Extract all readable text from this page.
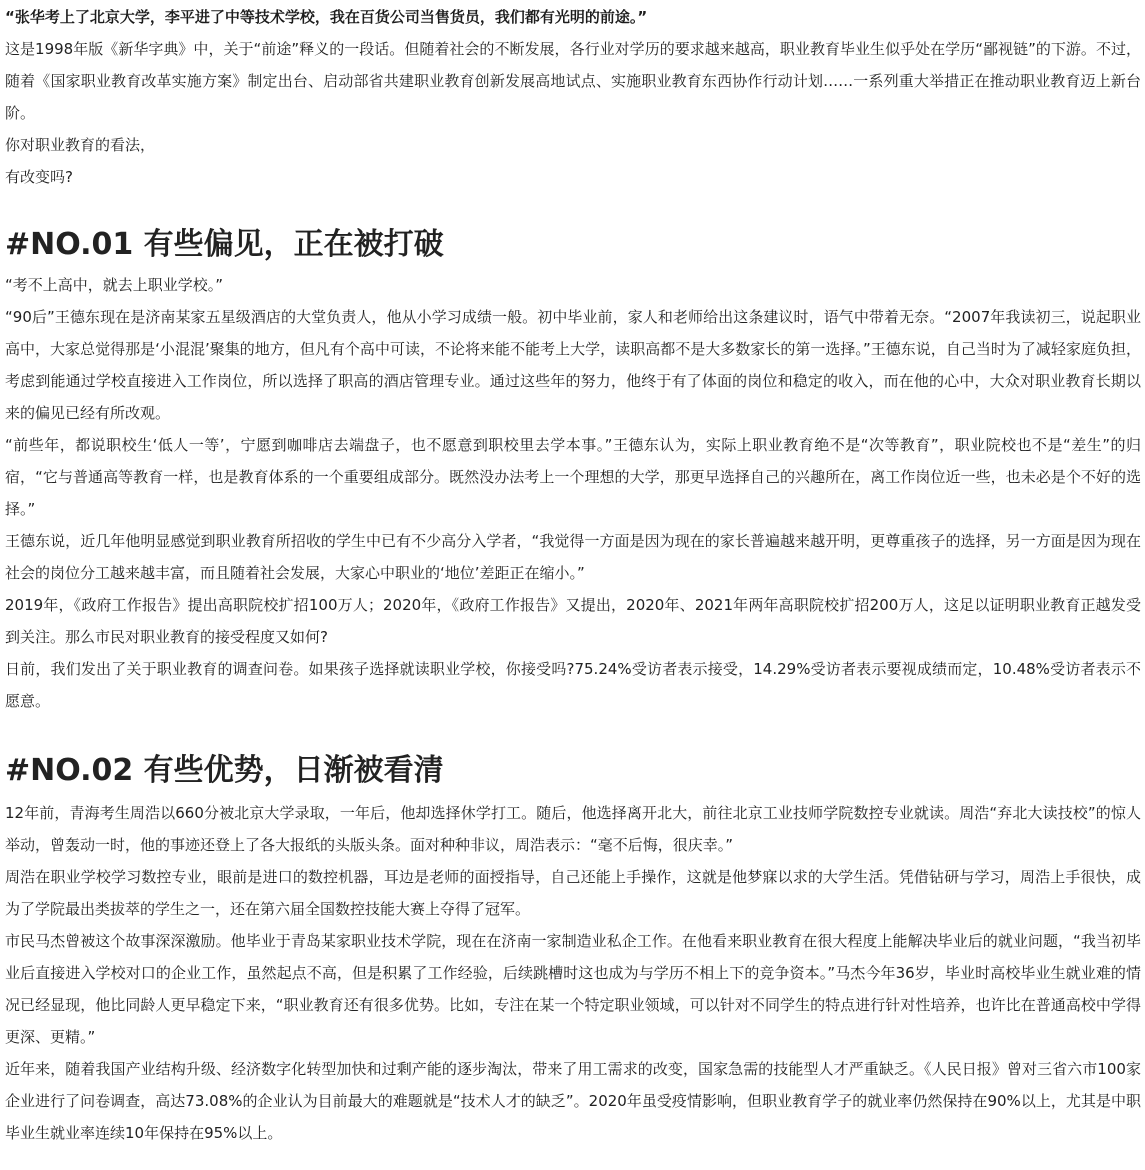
“张华考上了北京大学，李平进了中等技术学校，我在百货公司当售货员，我们都有光明的前途。”

这是1998年版《新华字典》中，关于“前途”释义的一段话。但随着社会的不断发展，各行业对学历的要求越来越高，职业教育毕业生似乎处在学历“鄙视链”的下游。不过，随着《国家职业教育改革实施方案》制定出台、启动部省共建职业教育创新发展高地试点、实施职业教育东西协作行动计划……一系列重大举措正在推动职业教育迈上新台阶。

你对职业教育的看法，

有改变吗?

#NO.01 有些偏见，正在被打破

“考不上高中，就去上职业学校。”

“90后”王德东现在是济南某家五星级酒店的大堂负责人，他从小学习成绩一般。初中毕业前，家人和老师给出这条建议时，语气中带着无奈。“2007年我读初三，说起职业高中，大家总觉得那是‘小混混’聚集的地方，但凡有个高中可读，不论将来能不能考上大学，读职高都不是大多数家长的第一选择。”王德东说，自己当时为了减轻家庭负担，考虑到能通过学校直接进入工作岗位，所以选择了职高的酒店管理专业。通过这些年的努力，他终于有了体面的岗位和稳定的收入，而在他的心中，大众对职业教育长期以来的偏见已经有所改观。

“前些年，都说职校生‘低人一等’，宁愿到咖啡店去端盘子，也不愿意到职校里去学本事。”王德东认为，实际上职业教育绝不是“次等教育”，职业院校也不是“差生”的归宿，“它与普通高等教育一样，也是教育体系的一个重要组成部分。既然没办法考上一个理想的大学，那更早选择自己的兴趣所在，离工作岗位近一些，也未必是个不好的选择。”

王德东说，近几年他明显感觉到职业教育所招收的学生中已有不少高分入学者，“我觉得一方面是因为现在的家长普遍越来越开明，更尊重孩子的选择，另一方面是因为现在社会的岗位分工越来越丰富，而且随着社会发展，大家心中职业的‘地位’差距正在缩小。”

2019年，《政府工作报告》提出高职院校扩招100万人；2020年，《政府工作报告》又提出，2020年、2021年两年高职院校扩招200万人，这足以证明职业教育正越发受到关注。那么市民对职业教育的接受程度又如何?

日前，我们发出了关于职业教育的调查问卷。如果孩子选择就读职业学校，你接受吗?75.24%受访者表示接受，14.29%受访者表示要视成绩而定，10.48%受访者表示不愿意。

#NO.02 有些优势，日渐被看清

12年前，青海考生周浩以660分被北京大学录取，一年后，他却选择休学打工。随后，他选择离开北大，前往北京工业技师学院数控专业就读。周浩“弃北大读技校”的惊人举动，曾轰动一时，他的事迹还登上了各大报纸的头版头条。面对种种非议，周浩表示：“毫不后悔，很庆幸。”

周浩在职业学校学习数控专业，眼前是进口的数控机器，耳边是老师的面授指导，自己还能上手操作，这就是他梦寐以求的大学生活。凭借钻研与学习，周浩上手很快，成为了学院最出类拔萃的学生之一，还在第六届全国数控技能大赛上夺得了冠军。

市民马杰曾被这个故事深深激励。他毕业于青岛某家职业技术学院，现在在济南一家制造业私企工作。在他看来职业教育在很大程度上能解决毕业后的就业问题，“我当初毕业后直接进入学校对口的企业工作，虽然起点不高，但是积累了工作经验，后续跳槽时这也成为与学历不相上下的竞争资本。”马杰今年36岁，毕业时高校毕业生就业难的情况已经显现，他比同龄人更早稳定下来，“职业教育还有很多优势。比如，专注在某一个特定职业领域，可以针对不同学生的特点进行针对性培养，也许比在普通高校中学得更深、更精。”

近年来，随着我国产业结构升级、经济数字化转型加快和过剩产能的逐步淘汰，带来了用工需求的改变，国家急需的技能型人才严重缺乏。《人民日报》曾对三省六市100家企业进行了问卷调查，高达73.08%的企业认为目前最大的难题就是“技术人才的缺乏”。2020年虽受疫情影响，但职业教育学子的就业率仍然保持在90%以上，尤其是中职毕业生就业率连续10年保持在95%以上。
